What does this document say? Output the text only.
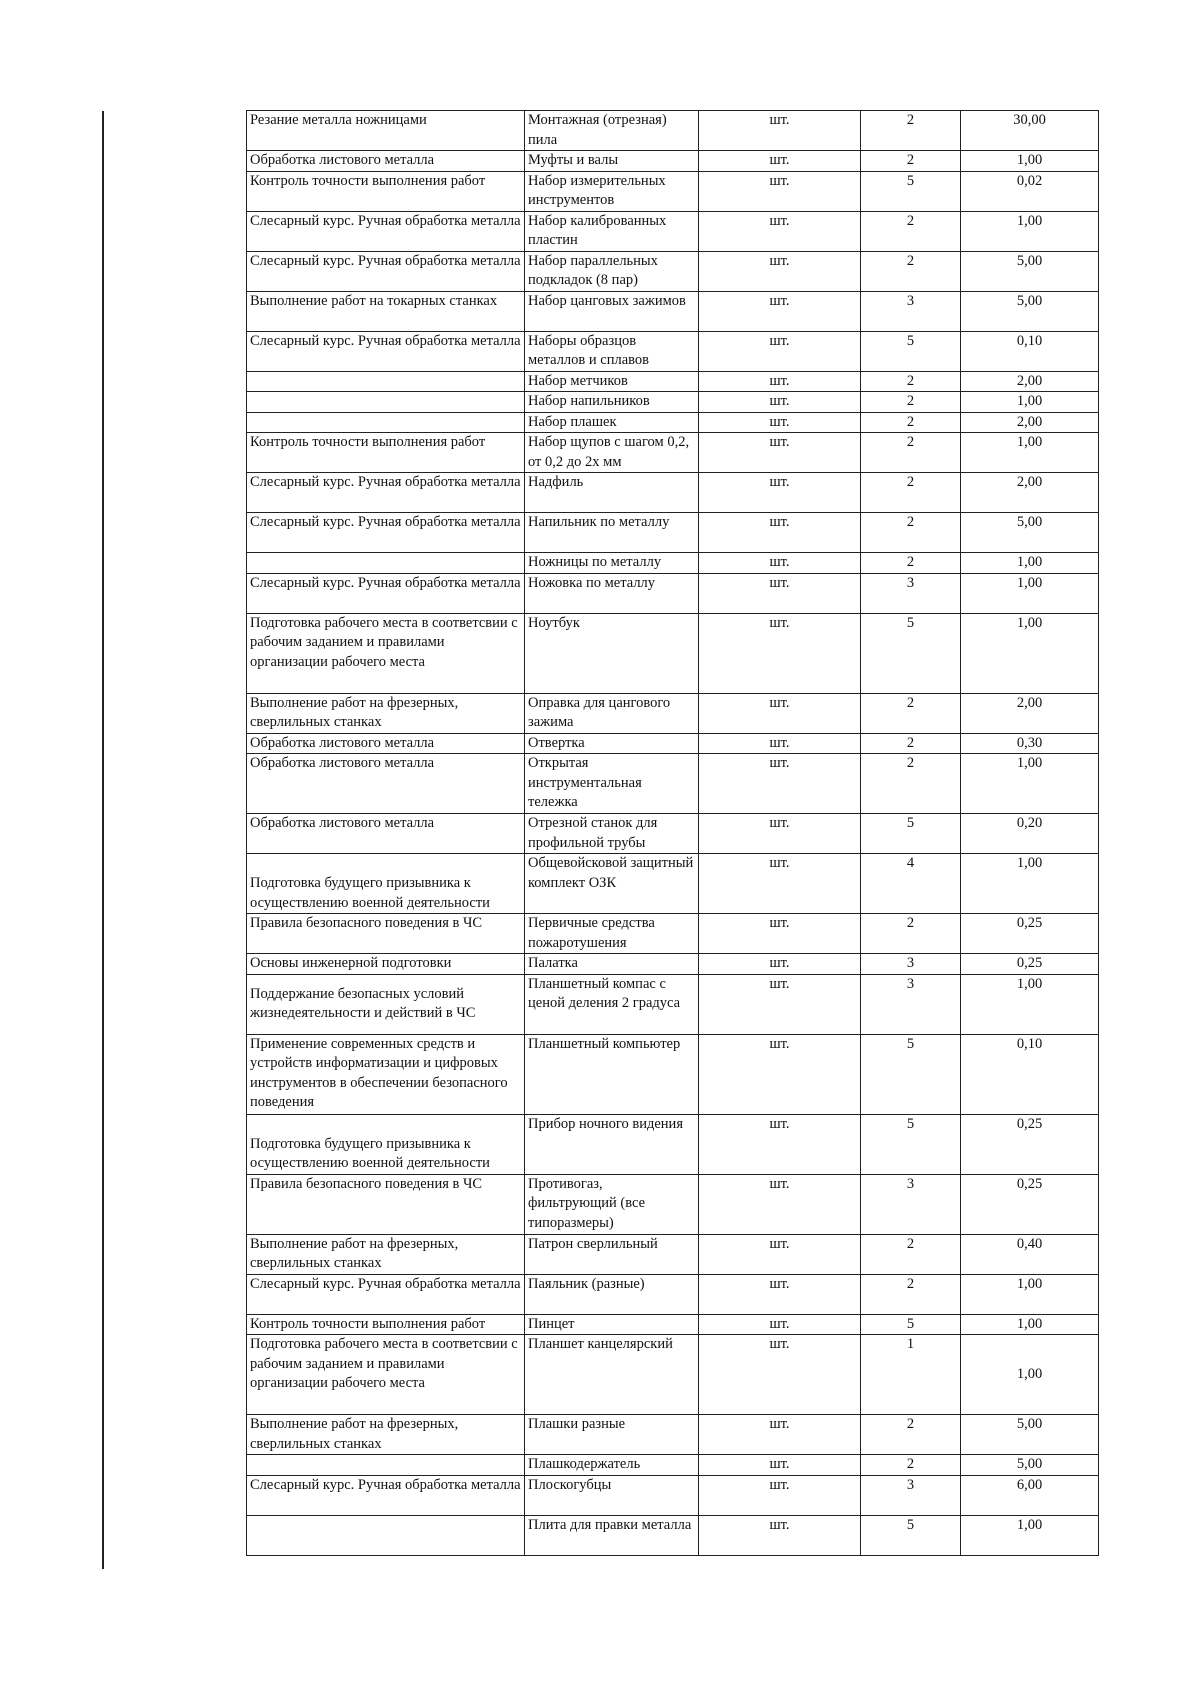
Резание металла ножницами	Монтажная (отрезная) пила	шт.	2	30,00
Обработка листового металла	Муфты и валы	шт.	2	1,00
Контроль точности выполнения работ	Набор измерительных инструментов	шт.	5	0,02
Слесарный курс. Ручная обработка металла	Набор калиброванных пластин	шт.	2	1,00
Слесарный курс. Ручная обработка металла	Набор параллельных подкладок (8 пар)	шт.	2	5,00
Выполнение работ на токарных станках	Набор цанговых зажимов	шт.	3	5,00
Слесарный курс. Ручная обработка металла	Наборы образцов металлов и сплавов	шт.	5	0,10
	Набор метчиков	шт.	2	2,00
	Набор напильников	шт.	2	1,00
	Набор плашек	шт.	2	2,00
Контроль точности выполнения работ	Набор щупов с шагом 0,2, от 0,2 до 2х мм	шт.	2	1,00
Слесарный курс. Ручная обработка металла	Надфиль	шт.	2	2,00
Слесарный курс. Ручная обработка металла	Напильник по металлу	шт.	2	5,00
	Ножницы по металлу	шт.	2	1,00
Слесарный курс. Ручная обработка металла	Ножовка по металлу	шт.	3	1,00
Подготовка рабочего места в соответсвии с рабочим заданием и правилами организации рабочего места	Ноутбук	шт.	5	1,00
Выполнение работ на фрезерных, сверлильных станках	Оправка для цангового зажима	шт.	2	2,00
Обработка листового металла	Отвертка	шт.	2	0,30
Обработка листового металла	Открытая инструментальная тележка	шт.	2	1,00
Обработка листового металла	Отрезной станок для профильной трубы	шт.	5	0,20
Подготовка будущего призывника к осуществлению военной деятельности	Общевойсковой защитный комплект ОЗК	шт.	4	1,00
Правила безопасного поведения в ЧС	Первичные средства пожаротушения	шт.	2	0,25
Основы инженерной подготовки	Палатка	шт.	3	0,25
Поддержание безопасных условий жизнедеятельности и действий в ЧС	Планшетный компас с ценой деления 2 градуса	шт.	3	1,00
Применение современных средств и устройств информатизации и цифровых инструментов в обеспечении безопасного поведения	Планшетный компьютер	шт.	5	0,10
Подготовка будущего призывника к осуществлению военной деятельности	Прибор ночного видения	шт.	5	0,25
Правила безопасного поведения в ЧС	Противогаз, фильтрующий (все типоразмеры)	шт.	3	0,25
Выполнение работ на фрезерных, сверлильных станках	Патрон сверлильный	шт.	2	0,40
Слесарный курс. Ручная обработка металла	Паяльник (разные)	шт.	2	1,00
Контроль точности выполнения работ	Пинцет	шт.	5	1,00
Подготовка рабочего места в соответсвии с рабочим заданием и правилами организации рабочего места	Планшет канцелярский	шт.	1	1,00
Выполнение работ на фрезерных, сверлильных станках	Плашки разные	шт.	2	5,00
	Плашкодержатель	шт.	2	5,00
Слесарный курс. Ручная обработка металла	Плоскогубцы	шт.	3	6,00
	Плита для правки металла	шт.	5	1,00
